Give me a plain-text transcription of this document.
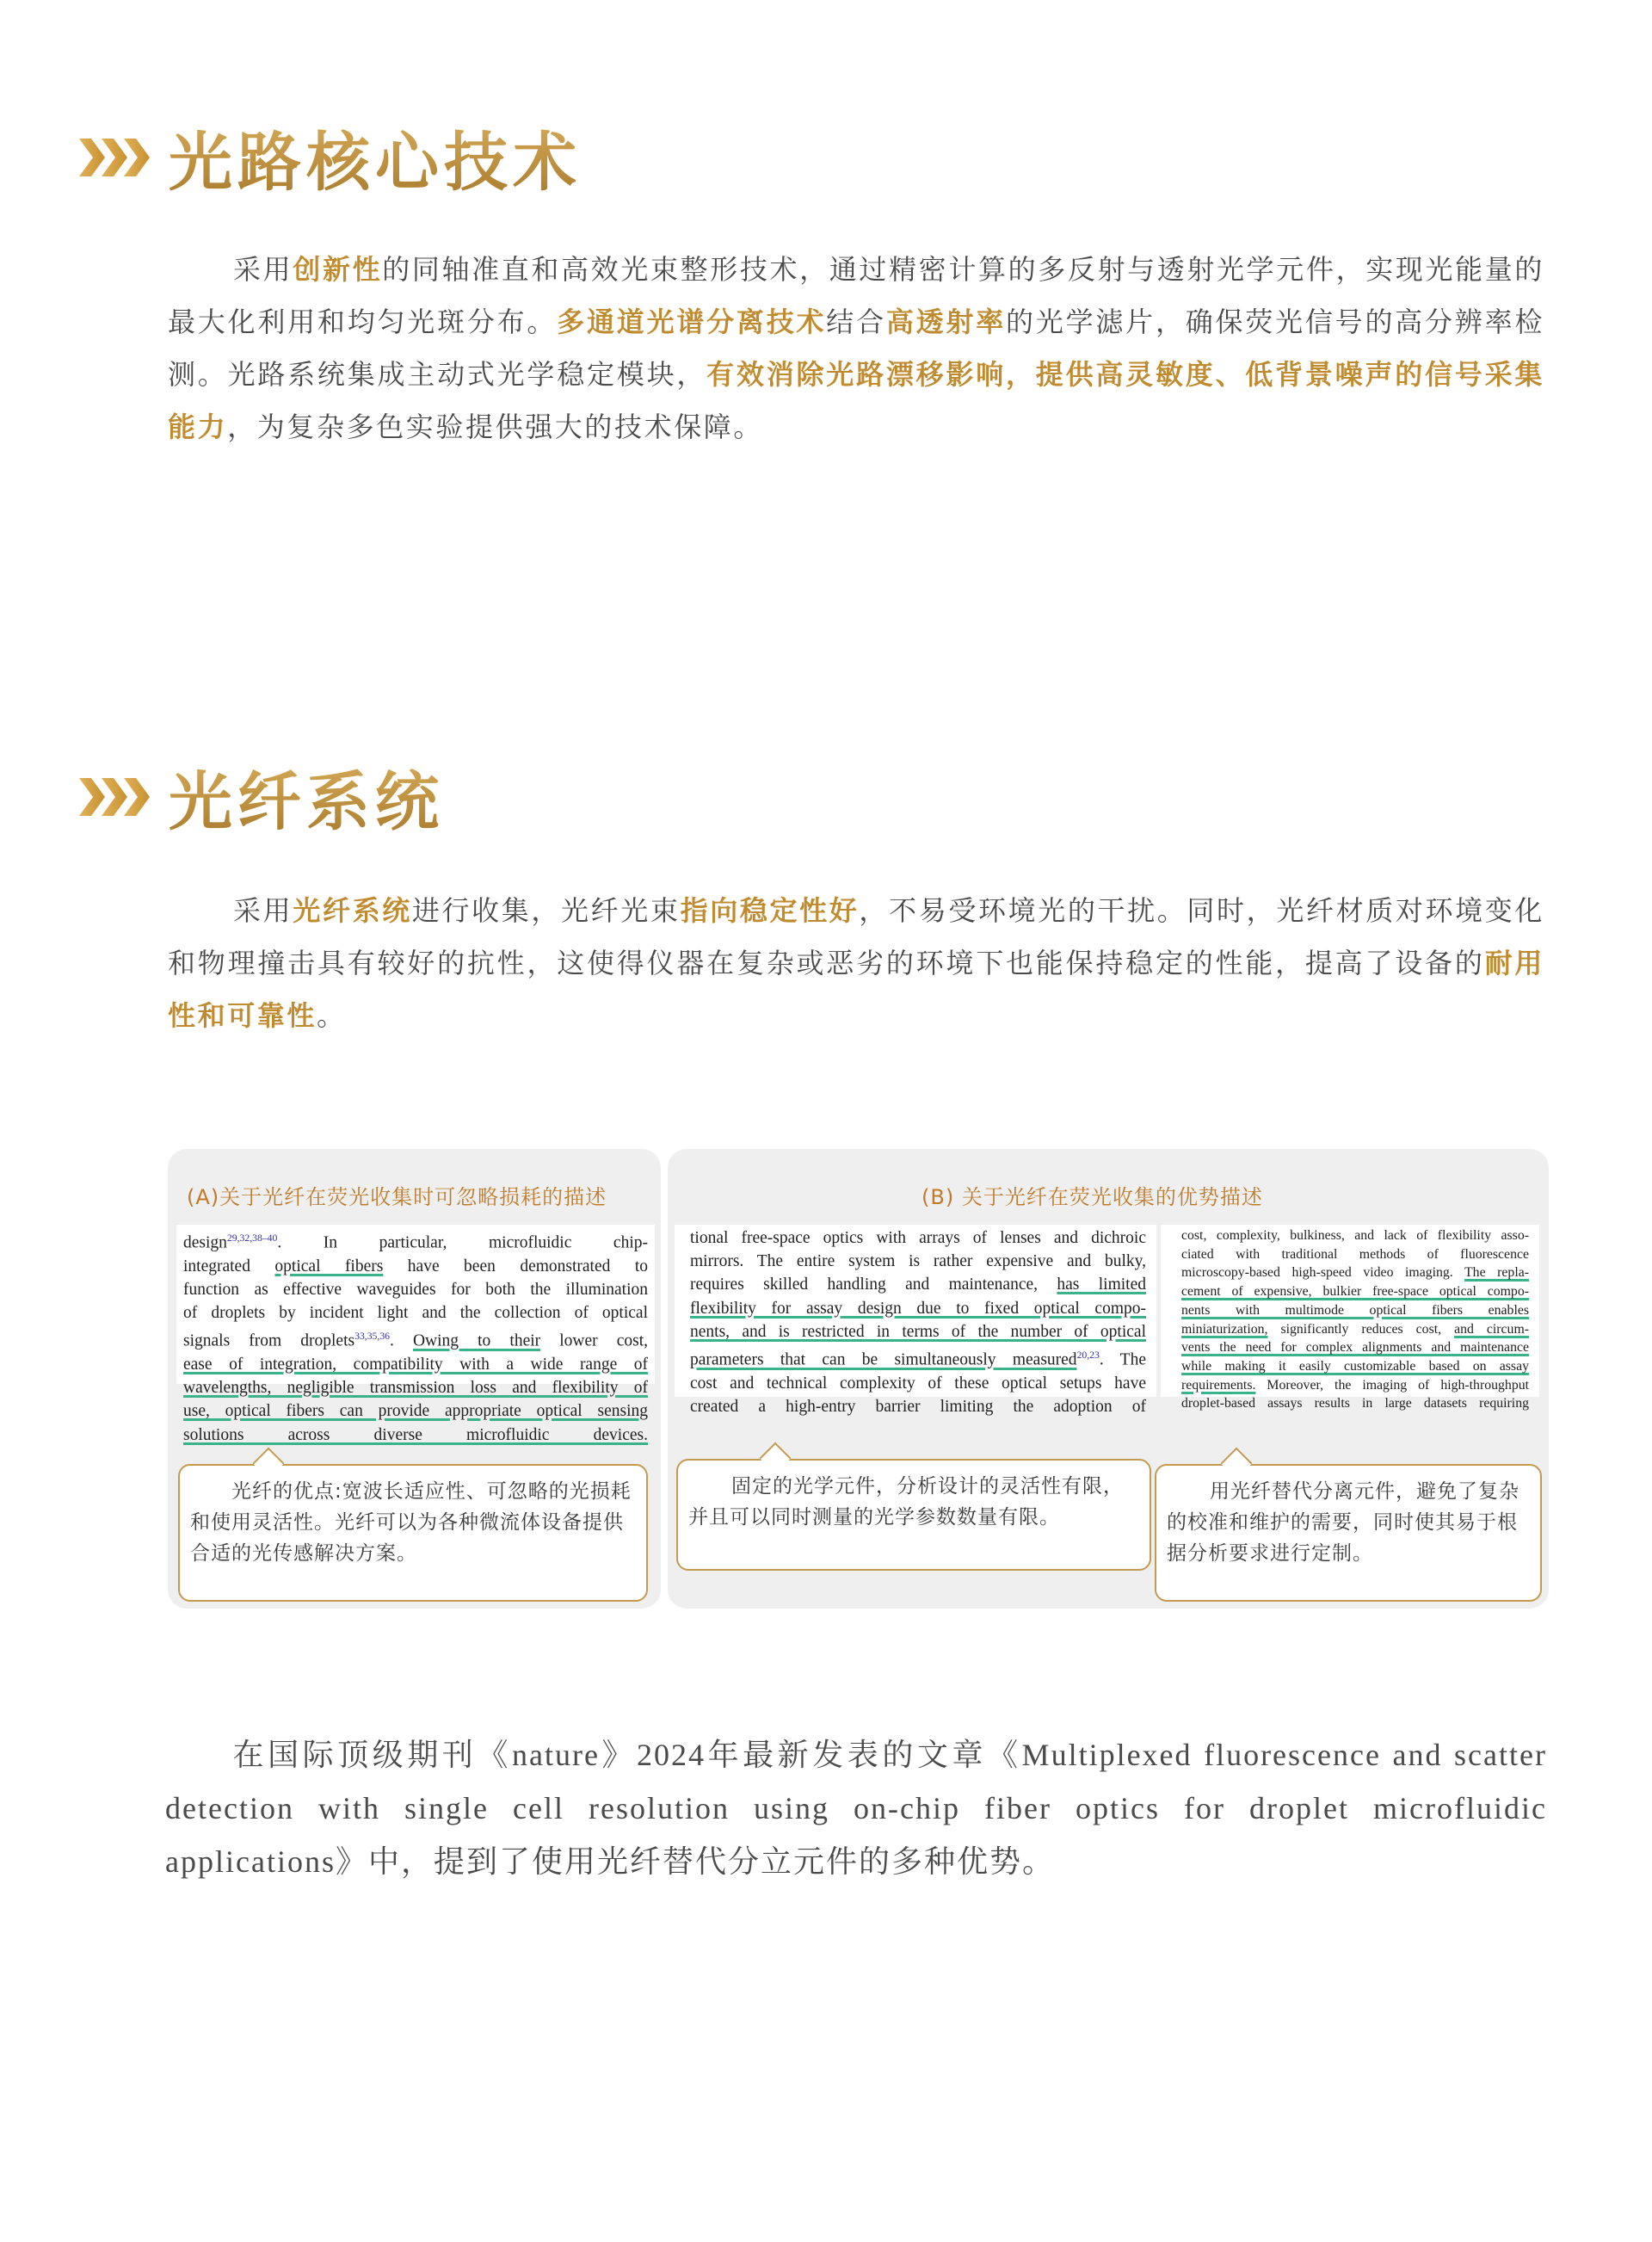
光路核心技术
采用创新性的同轴准直和高效光束整形技术，通过精密计算的多反射与透射光学元件，实现光能量的最大化利用和均匀光斑分布。多通道光谱分离技术结合高透射率的光学滤片，确保荧光信号的高分辨率检测。光路系统集成主动式光学稳定模块，有效消除光路漂移影响，提供高灵敏度、低背景噪声的信号采集能力，为复杂多色实验提供强大的技术保障。
光纤系统
采用光纤系统进行收集，光纤光束指向稳定性好，不易受环境光的干扰。同时，光纤材质对环境变化和物理撞击具有较好的抗性，这使得仪器在复杂或恶劣的环境下也能保持稳定的性能，提高了设备的耐用性和可靠性。
(A)关于光纤在荧光收集时可忽略损耗的描述

design$^{29,32,38-40}$. In particular, microfluidic chip-

integrated optical fibers have been demonstrated to

function as effective waveguides for both the illumination

of droplets by incident light and the collection of optical

signals from droplets$^{33,35,36}$. Owing to their lower cost,

ease of integration, compatibility with a wide range of

wavelengths, negligible transmission loss and flexibility of

use, optical fibers can provide appropriate optical sensing

solutions across diverse microfluidic devices.

光纤的优点:宽波长适应性、可忽略的光损耗和使用灵活性。光纤可以为各种微流体设备提供合适的光传感解决方案。
(B) 关于光纤在荧光收集的优势描述

tional free-space optics with arrays of lenses and dichroic

mirrors. The entire system is rather expensive and bulky,

requires skilled handling and maintenance, has limited

flexibility for assay design due to fixed optical compo-

nents, and is restricted in terms of the number of optical

parameters that can be simultaneously measured$^{20,23}$. The

cost and technical complexity of these optical setups have

created a high-entry barrier limiting the adoption of

cost, complexity, bulkiness, and lack of flexibility asso-

ciated with traditional methods of fluorescence

microscopy-based high-speed video imaging. The repla-

cement of expensive, bulkier free-space optical compo-

nents with multimode optical fibers enables

miniaturization, significantly reduces cost, and circum-

vents the need for complex alignments and maintenance

while making it easily customizable based on assay

requirements. Moreover, the imaging of high-throughput

droplet-based assays results in large datasets requiring

固定的光学元件，分析设计的灵活性有限，并且可以同时测量的光学参数数量有限。
用光纤替代分离元件，避免了复杂的校准和维护的需要，同时使其易于根据分析要求进行定制。
在国际顶级期刊《nature》2024年最新发表的文章《Multiplexed fluorescence and scatter detection with single cell resolution using on-chip fiber optics for droplet microfluidic applications》中，提到了使用光纤替代分立元件的多种优势。
